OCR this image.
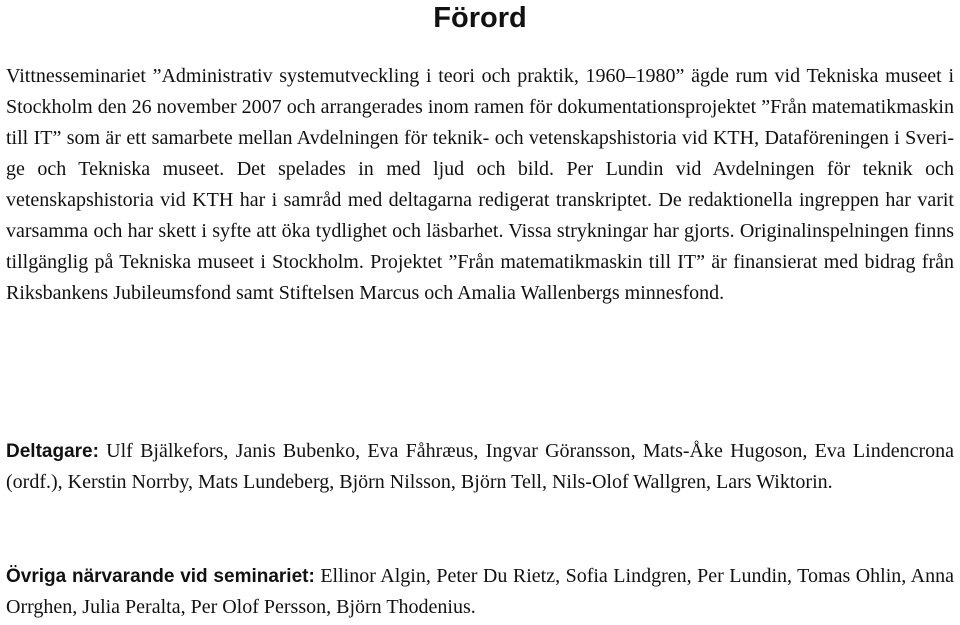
Förord

Vittnesseminariet ”Administrativ systemutveckling i teori och praktik, 1960–1980” ägde rum vid Tekniska museet i Stockholm den 26 november 2007 och arrangerades inom ramen för dokumentationsprojektet ”Från matematikmaskin till IT” som är ett samarbete mellan Avdelningen för teknik- och vetenskapshistoria vid KTH, Dataföreningen i Sverige och Tekniska museet. Det spelades in med ljud och bild. Per Lundin vid Avdelningen för teknik och vetenskapshistoria vid KTH har i samråd med deltagarna redigerat transkriptet. De redaktionella ingreppen har varit varsamma och har skett i syfte att öka tydlighet och läsbarhet. Vissa strykningar har gjorts. Originalinspelningen finns tillgänglig på Tekniska museet i Stockholm. Projektet ”Från matematikmaskin till IT” är finansierat med bidrag från Riksbankens Jubileumsfond samt Stiftelsen Marcus och Amalia Wallenbergs minnesfond.

Deltagare: Ulf Bjälkefors, Janis Bubenko, Eva Fåhræus, Ingvar Göransson, Mats-Åke Hugoson, Eva Lindencrona (ordf.), Kerstin Norrby, Mats Lundeberg, Björn Nilsson, Björn Tell, Nils-Olof Wallgren, Lars Wiktorin.

Övriga närvarande vid seminariet: Ellinor Algin, Peter Du Rietz, Sofia Lindgren, Per Lundin, Tomas Ohlin, Anna Orrghen, Julia Peralta, Per Olof Persson, Björn Thodenius.
